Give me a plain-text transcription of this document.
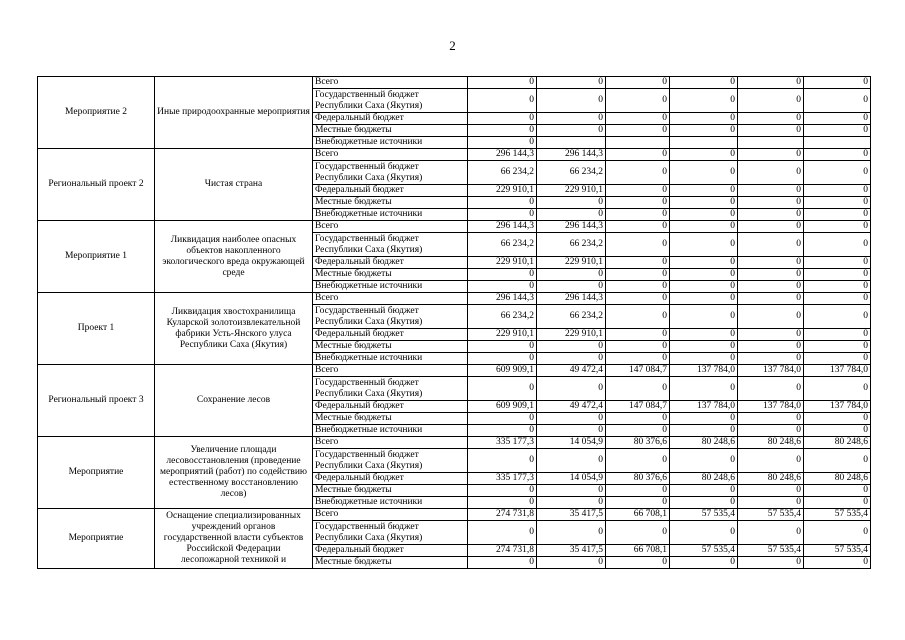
2
Мероприятие 2	Иные природоохранные мероприятия	Всего	0	0	0	0	0	0
		Государственный бюджет Республики Саха (Якутия)	0	0	0	0	0	0
		Федеральный бюджет	0	0	0	0	0	0
		Местные бюджеты	0	0	0	0	0	0
		Внебюджетные источники	0					
Региональный проект 2	Чистая страна	Всего	296 144,3	296 144,3	0	0	0	0
		Государственный бюджет Республики Саха (Якутия)	66 234,2	66 234,2	0	0	0	0
		Федеральный бюджет	229 910,1	229 910,1	0	0	0	0
		Местные бюджеты	0	0	0	0	0	0
		Внебюджетные источники	0	0	0	0	0	0
Мероприятие 1	Ликвидация наиболее опасных объектов накопленного экологического вреда окружающей среде	Всего	296 144,3	296 144,3	0	0	0	0
		Государственный бюджет Республики Саха (Якутия)	66 234,2	66 234,2	0	0	0	0
		Федеральный бюджет	229 910,1	229 910,1	0	0	0	0
		Местные бюджеты	0	0	0	0	0	0
		Внебюджетные источники	0	0	0	0	0	0
Проект 1	Ликвидация хвостохранилища Куларской золотоизвлекательной фабрики Усть-Янского улуса Республики Саха (Якутия)	Всего	296 144,3	296 144,3	0	0	0	0
		Государственный бюджет Республики Саха (Якутия)	66 234,2	66 234,2	0	0	0	0
		Федеральный бюджет	229 910,1	229 910,1	0	0	0	0
		Местные бюджеты	0	0	0	0	0	0
		Внебюджетные источники	0	0	0	0	0	0
Региональный проект 3	Сохранение лесов	Всего	609 909,1	49 472,4	147 084,7	137 784,0	137 784,0	137 784,0
		Государственный бюджет Республики Саха (Якутия)	0	0	0	0	0	0
		Федеральный бюджет	609 909,1	49 472,4	147 084,7	137 784,0	137 784,0	137 784,0
		Местные бюджеты	0	0	0	0	0	0
		Внебюджетные источники	0	0	0	0	0	0
Мероприятие	Увеличение площади лесовосстановления (проведение мероприятий (работ) по содействию естественному восстановлению лесов)	Всего	335 177,3	14 054,9	80 376,6	80 248,6	80 248,6	80 248,6
		Государственный бюджет Республики Саха (Якутия)	0	0	0	0	0	0
		Федеральный бюджет	335 177,3	14 054,9	80 376,6	80 248,6	80 248,6	80 248,6
		Местные бюджеты	0	0	0	0	0	0
		Внебюджетные источники	0	0	0	0	0	0
Мероприятие	Оснащение специализированных учреждений органов государственной власти субъектов Российской Федерации лесопожарной техникой и	Всего	274 731,8	35 417,5	66 708,1	57 535,4	57 535,4	57 535,4
		Государственный бюджет Республики Саха (Якутия)	0	0	0	0	0	0
		Федеральный бюджет	274 731,8	35 417,5	66 708,1	57 535,4	57 535,4	57 535,4
		Местные бюджеты	0	0	0	0	0	0
